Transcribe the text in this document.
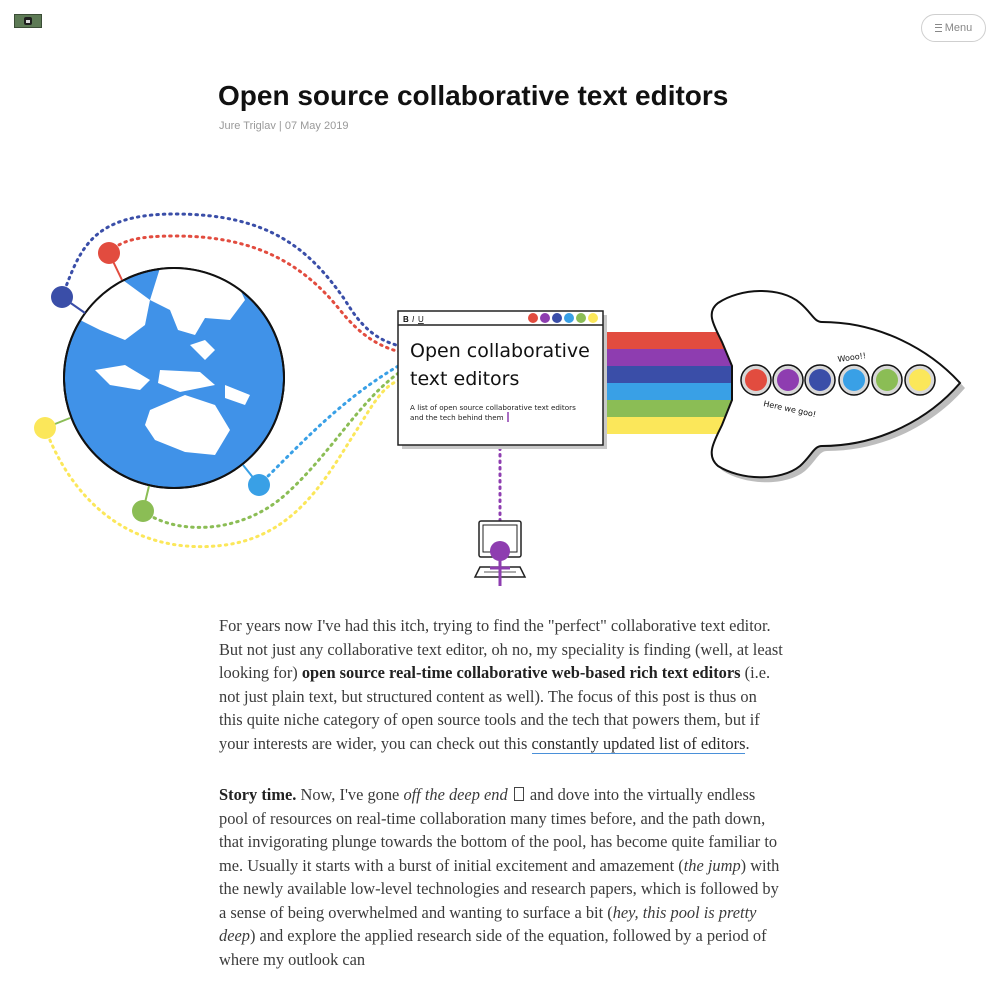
Menu
Open source collaborative text editors
Jure Triglav | 07 May 2019
B I U
Open collaborative
text editors
A list of open source collaborative text editors
and the tech behind them
Wooo!!
Here we goo!

For years now I've had this itch, trying to find the "perfect" collaborative text editor. But not just any collaborative text editor, oh no, my speciality is finding (well, at least looking for) open source real-time collaborative web-based rich text editors (i.e. not just plain text, but structured content as well). The focus of this post is thus on this quite niche category of open source tools and the tech that powers them, but if your interests are wider, you can check out this constantly updated list of editors.

Story time. Now, I've gone off the deep end  and dove into the virtually endless pool of resources on real-time collaboration many times before, and the path down, that invigorating plunge towards the bottom of the pool, has become quite familiar to me. Usually it starts with a burst of initial excitement and amazement (the jump) with the newly available low-level technologies and research papers, which is followed by a sense of being overwhelmed and wanting to surface a bit (hey, this pool is pretty deep) and explore the applied research side of the equation, followed by a period of where my outlook can
